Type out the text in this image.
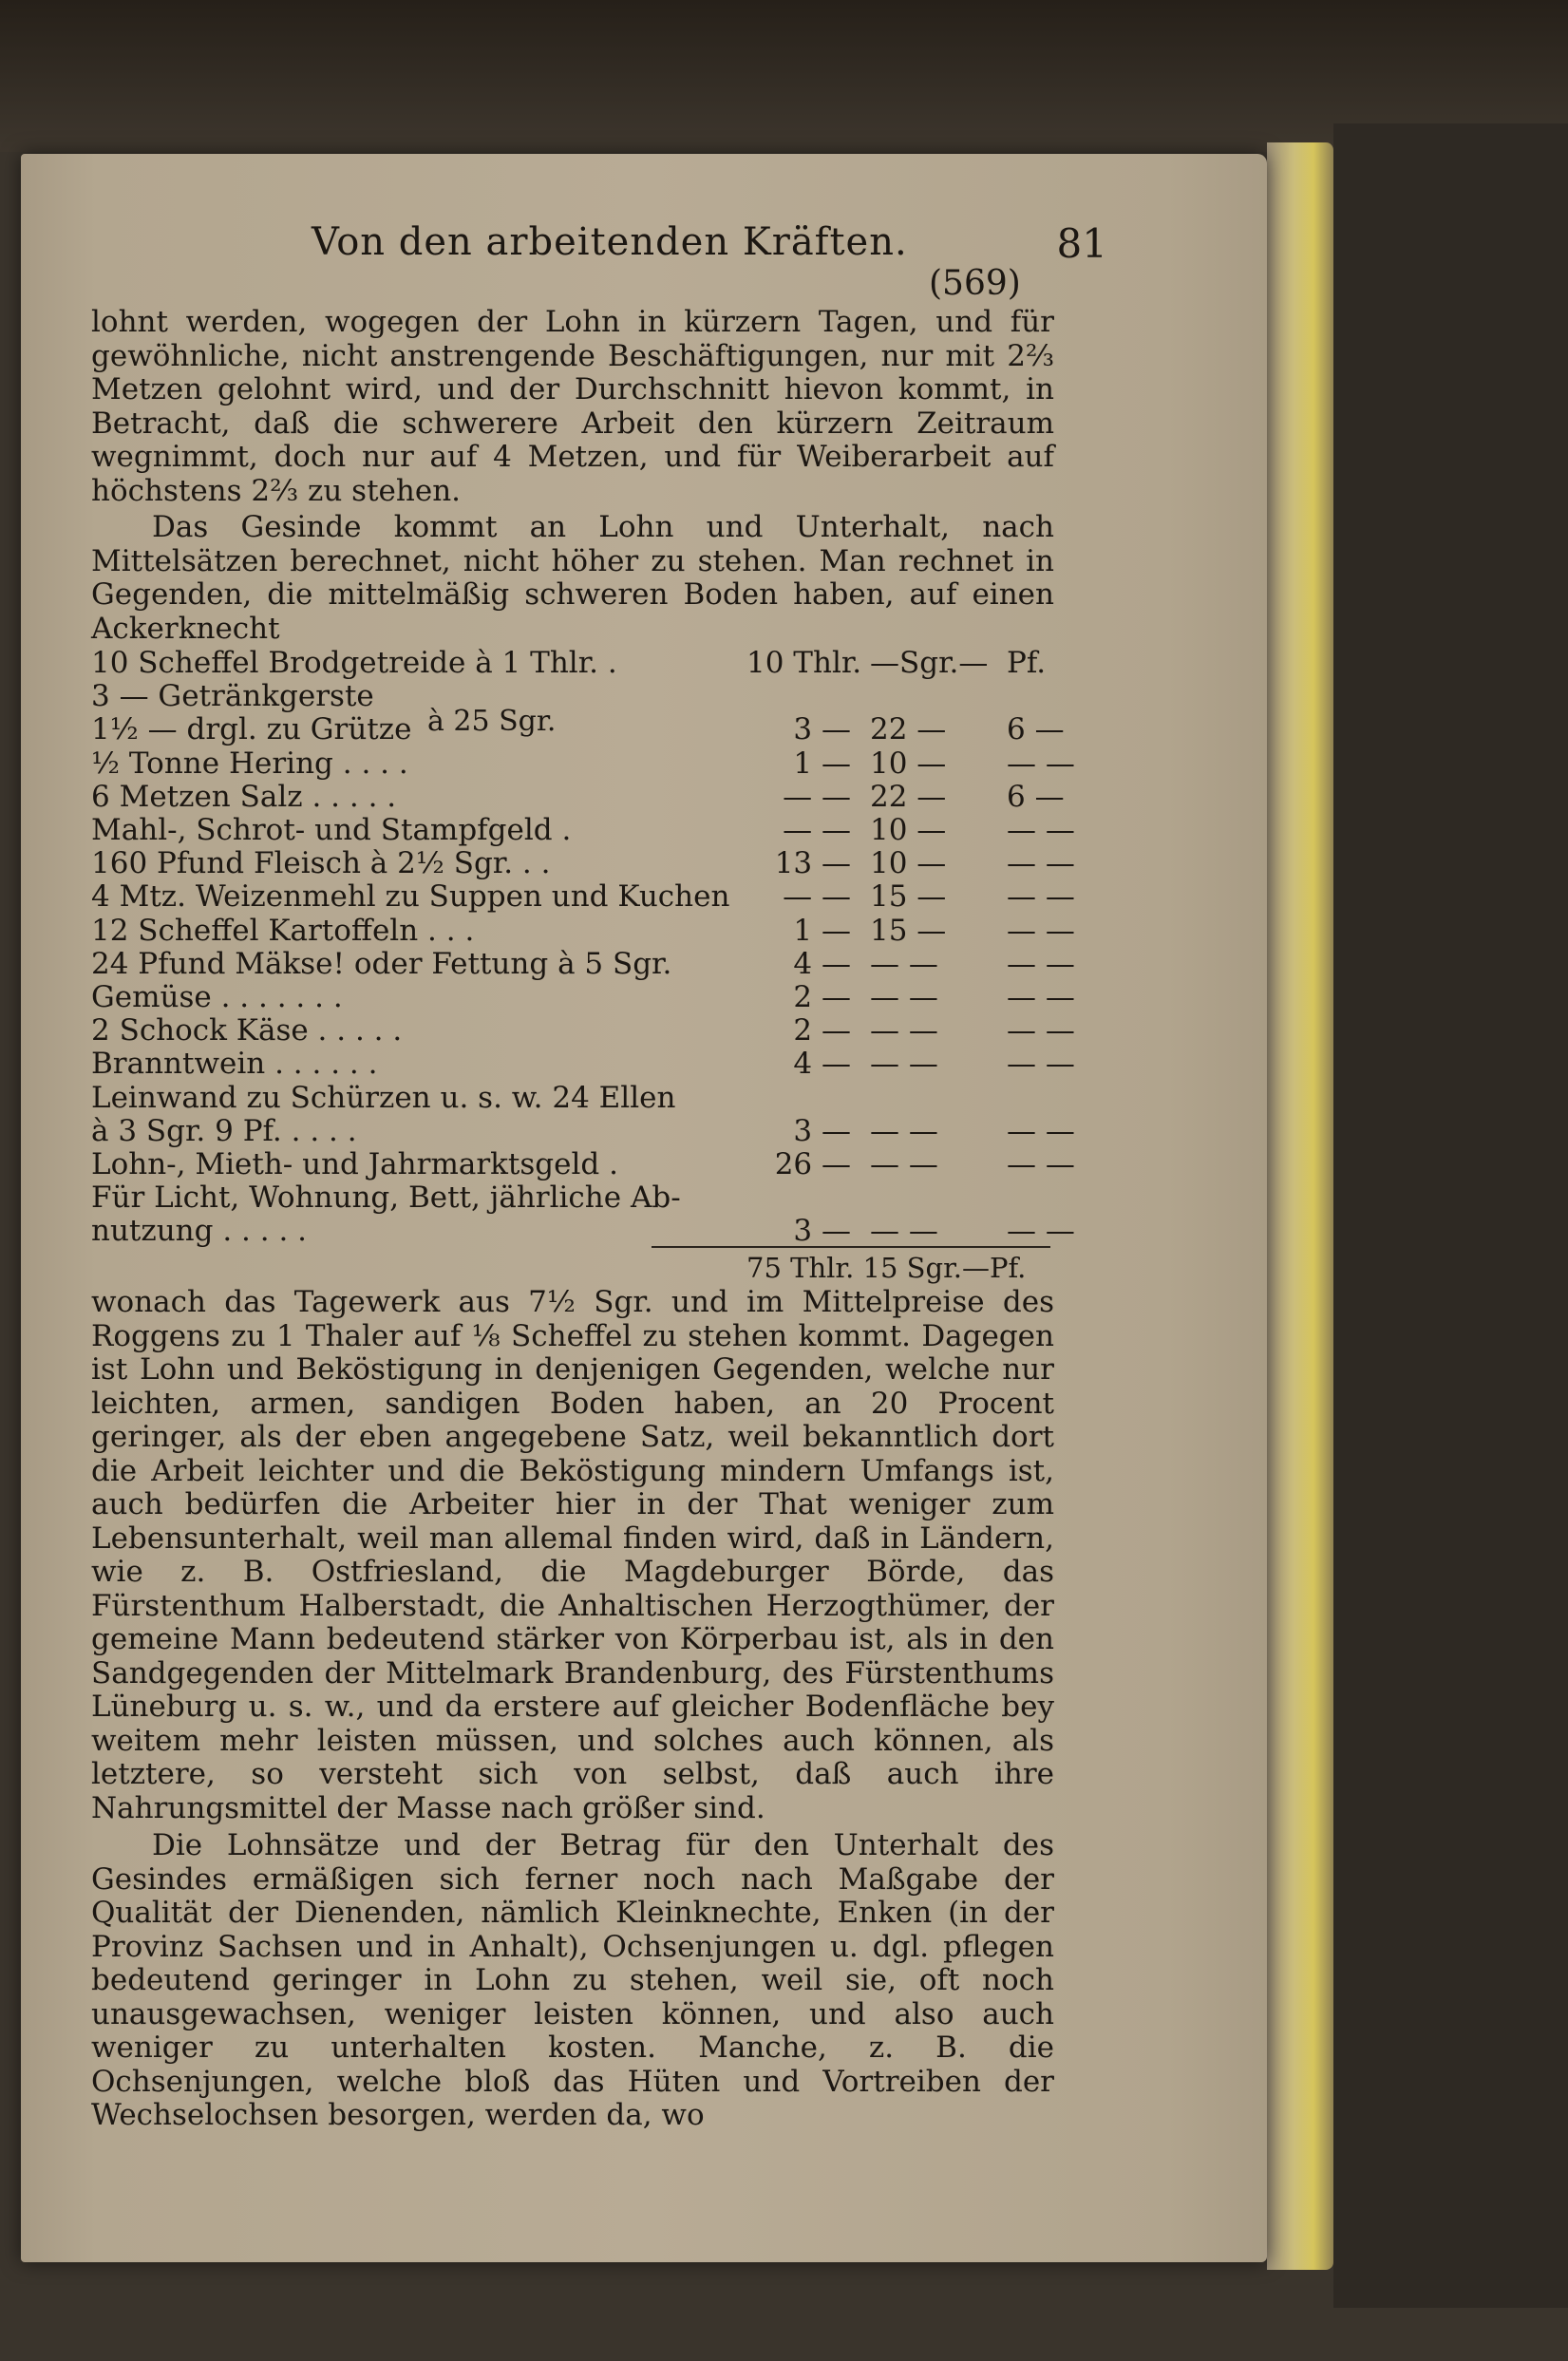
Von den arbeitenden Kräften.	81
(569)

lohnt werden, wogegen der Lohn in kürzern Tagen, und für gewöhnliche, nicht anstrengende Beschäftigungen, nur mit 2⅔ Metzen gelohnt wird, und der Durchschnitt hievon kommt, in Betracht, daß die schwerere Arbeit den kürzern Zeitraum wegnimmt, doch nur auf 4 Metzen, und für Weiberarbeit auf höchstens 2⅔ zu stehen.

Das Gesinde kommt an Lohn und Unterhalt, nach Mittelsätzen berechnet, nicht höher zu stehen. Man rechnet in Gegenden, die mittelmäßig schweren Boden haben, auf einen Ackerknecht

10 Scheffel Brodgetreide à 1 Thlr. .	10 Thlr. —Sgr.— Pf.
3 — Getränkgerste
1½ — drgl. zu Grütze	3 — 22 —	6 —
½ Tonne Hering . . . .	1 — 10 —	— —
6 Metzen Salz . . . . .	— — 22 —	6 —
Mahl-, Schrot- und Stampfgeld .	— — 10 —	— —
160 Pfund Fleisch à 2½ Sgr. . .	13 — 10 —	— —
4 Mtz. Weizenmehl zu Suppen und Kuchen	— — 15 —	— —
12 Scheffel Kartoffeln . . .	1 — 15 —	— —
24 Pfund Mäkse! oder Fettung à 5 Sgr.	4 — — —	— —
Gemüse . . . . . . .	2 — — —	— —
2 Schock Käse . . . . .	2 — — —	— —
Branntwein . . . . . .	4 — — —	— —
Leinwand zu Schürzen u. s. w. 24 Ellen
à 3 Sgr. 9 Pf. . . . .	3 — — —	— —
Lohn-, Mieth- und Jahrmarktsgeld .	26 — — —	— —
Für Licht, Wohnung, Bett, jährliche Ab-
nutzung . . . . .	3 — — —	— —
à 25 Sgr.
75 Thlr. 15 Sgr.—Pf.

wonach das Tagewerk aus 7½ Sgr. und im Mittelpreise des Roggens zu 1 Thaler auf ⅛ Scheffel zu stehen kommt. Dagegen ist Lohn und Beköstigung in denjenigen Gegenden, welche nur leichten, armen, sandigen Boden haben, an 20 Procent geringer, als der eben angegebene Satz, weil bekanntlich dort die Arbeit leichter und die Beköstigung mindern Umfangs ist, auch bedürfen die Arbeiter hier in der That weniger zum Lebensunterhalt, weil man allemal finden wird, daß in Ländern, wie z. B. Ostfriesland, die Magdeburger Börde, das Fürstenthum Halberstadt, die Anhaltischen Herzogthümer, der gemeine Mann bedeutend stärker von Körperbau ist, als in den Sandgegenden der Mittelmark Brandenburg, des Fürstenthums Lüneburg u. s. w., und da erstere auf gleicher Bodenfläche bey weitem mehr leisten müssen, und solches auch können, als letztere, so versteht sich von selbst, daß auch ihre Nahrungsmittel der Masse nach größer sind.

Die Lohnsätze und der Betrag für den Unterhalt des Gesindes ermäßigen sich ferner noch nach Maßgabe der Qualität der Dienenden, nämlich Kleinknechte, Enken (in der Provinz Sachsen und in Anhalt), Ochsenjungen u. dgl. pflegen bedeutend geringer in Lohn zu stehen, weil sie, oft noch unausgewachsen, weniger leisten können, und also auch weniger zu unterhalten kosten. Manche, z. B. die Ochsenjungen, welche bloß das Hüten und Vortreiben der Wechselochsen besorgen, werden da, wo
